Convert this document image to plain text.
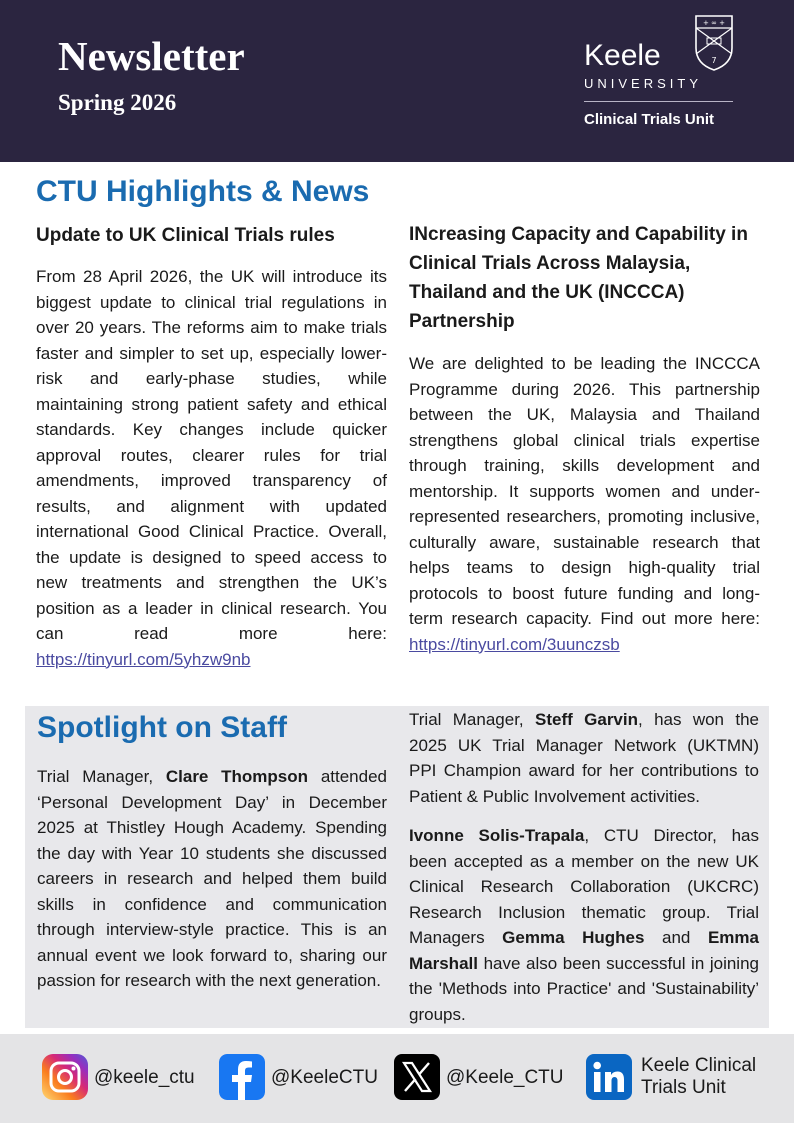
Newsletter
Spring 2026
+ ∞ +
7
Keele
UNIVERSITY
Clinical Trials Unit
CTU Highlights & News
Update to UK Clinical Trials rules

From 28 April 2026, the UK will introduce its biggest update to clinical trial regulations in over 20 years. The reforms aim to make trials faster and simpler to set up, especially lower-risk and early-phase studies, while maintaining strong patient safety and ethical standards. Key changes include quicker approval routes, clearer rules for trial amendments, improved transparency of results, and alignment with updated international Good Clinical Practice. Overall, the update is designed to speed access to new treatments and strengthen the UK’s position as a leader in clinical research. You can read more here: https://tinyurl.com/5yhzw9nb

INcreasing Capacity and Capability in Clinical Trials Across Malaysia, Thailand and the UK (INCCCA) Partnership

We are delighted to be leading the INCCCA Programme during 2026. This partnership between the UK, Malaysia and Thailand strengthens global clinical trials expertise through training, skills development and mentorship. It supports women and under-represented researchers, promoting inclusive, culturally aware, sustainable research that helps teams to design high-quality trial protocols to boost future funding and long-term research capacity. Find out more here: https://tinyurl.com/3uunczsb

Spotlight on Staff

Trial Manager, Clare Thompson attended ‘Personal Development Day’ in December 2025 at Thistley Hough Academy. Spending the day with Year 10 students she discussed careers in research and helped them build skills in confidence and communication through interview-style practice. This is an annual event we look forward to, sharing our passion for research with the next generation.

Trial Manager, Steff Garvin, has won the 2025 UK Trial Manager Network (UKTMN) PPI Champion award for her contributions to Patient & Public Involvement activities.

Ivonne Solis-Trapala, CTU Director, has been accepted as a member on the new UK Clinical Research Collaboration (UKCRC) Research Inclusion thematic group. Trial Managers Gemma Hughes and Emma Marshall have also been successful in joining the 'Methods into Practice' and 'Sustainability’ groups.

@keele_ctu	@KeeleCTU	@Keele_CTU
Keele Clinical
Trials Unit
